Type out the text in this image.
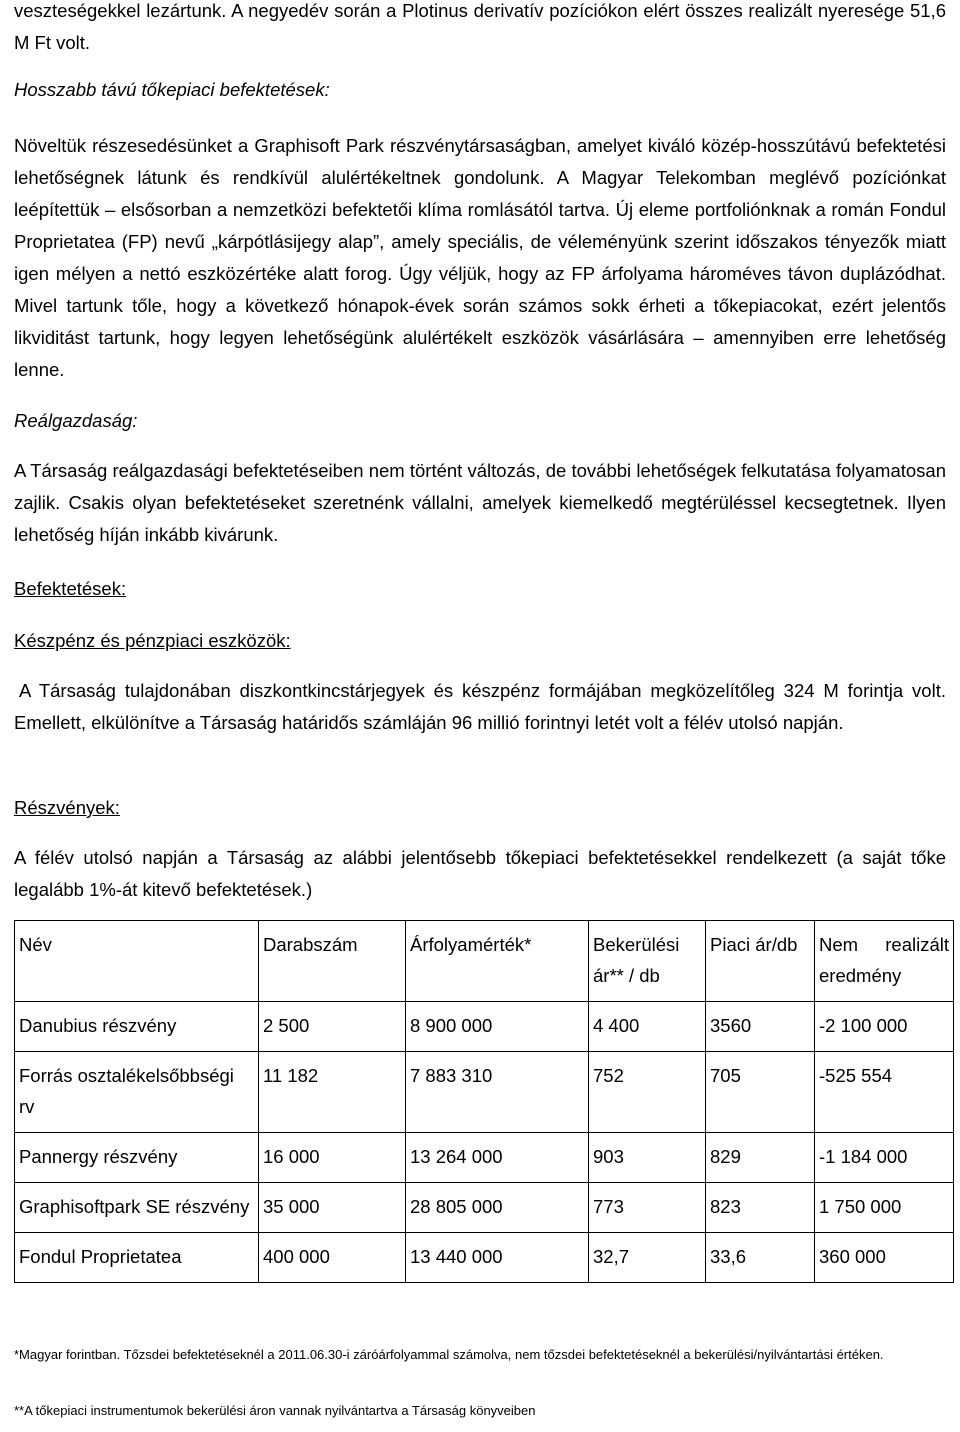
veszteségekkel lezártunk. A negyedév során a Plotinus derivatív pozíciókon elért összes realizált nyeresége 51,6 M Ft volt.

Hosszabb távú tőkepiaci befektetések:

Növeltük részesedésünket a Graphisoft Park részvénytársaságban, amelyet kiváló közép-hosszútávú befektetési lehetőségnek látunk és rendkívül alulértékeltnek gondolunk. A Magyar Telekomban meglévő pozíciónkat leépítettük – elsősorban a nemzetközi befektetői klíma romlásától tartva. Új eleme portfoliónknak a román Fondul Proprietatea (FP) nevű „kárpótlásijegy alap”, amely speciális, de véleményünk szerint időszakos tényezők miatt igen mélyen a nettó eszközértéke alatt forog. Úgy véljük, hogy az FP árfolyama hároméves távon duplázódhat. Mivel tartunk tőle, hogy a következő hónapok-évek során számos sokk érheti a tőkepiacokat, ezért jelentős likviditást tartunk, hogy legyen lehetőségünk alulértékelt eszközök vásárlására – amennyiben erre lehetőség lenne.

Reálgazdaság:

A Társaság reálgazdasági befektetéseiben nem történt változás, de további lehetőségek felkutatása folyamatosan zajlik. Csakis olyan befektetéseket szeretnénk vállalni, amelyek kiemelkedő megtérüléssel kecsegtetnek. Ilyen lehetőség híján inkább kivárunk.

Befektetések:

Készpénz és pénzpiaci eszközök:

A Társaság tulajdonában diszkontkincstárjegyek és készpénz formájában megközelítőleg 324 M forintja volt. Emellett, elkülönítve a Társaság határidős számláján 96 millió forintnyi letét volt a félév utolsó napján.

Részvények:

A félév utolsó napján a Társaság az alábbi jelentősebb tőkepiaci befektetésekkel rendelkezett (a saját tőke legalább 1%-át kitevő befektetések.)

Név	Darabszám	Árfolyamérték*	Bekerülési ár** / db	Piaci ár/db	Nem realizált eredmény
Danubius részvény	2 500	8 900 000	4 400	3560	-2 100 000
Forrás osztalékelsőbbségi rv	11 182	7 883 310	752	705	-525 554
Pannergy részvény	16 000	13 264 000	903	829	-1 184 000
Graphisoftpark SE részvény	35 000	28 805 000	773	823	1 750 000
Fondul Proprietatea	400 000	13 440 000	32,7	33,6	360 000

*Magyar forintban. Tőzsdei befektetéseknél a 2011.06.30-i záróárfolyammal számolva, nem tőzsdei befektetéseknél a bekerülési/nyilvántartási értéken.

**A tőkepiaci instrumentumok bekerülési áron vannak nyilvántartva a Társaság könyveiben
